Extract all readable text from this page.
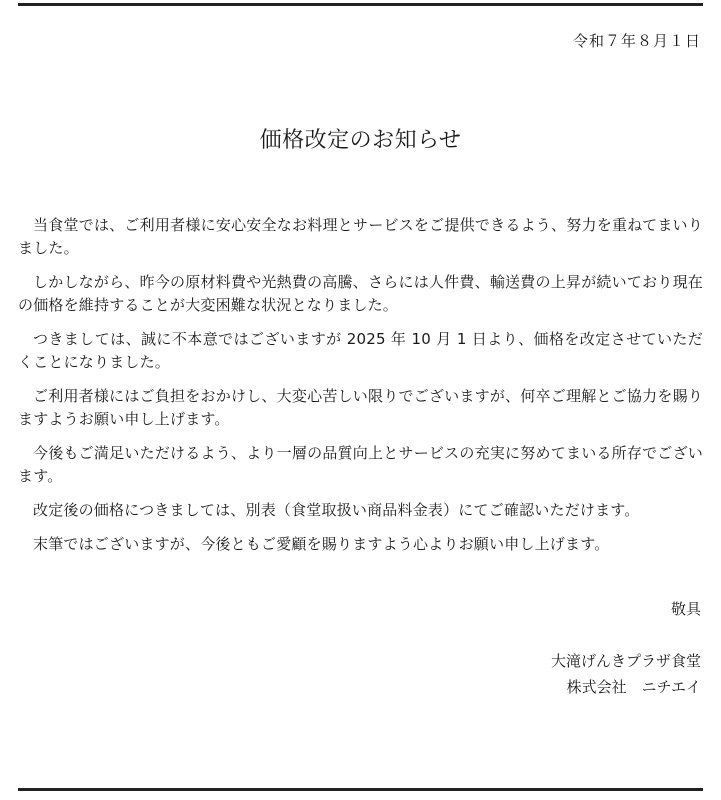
令和７年８月１日
価格改定のお知らせ

当食堂では、ご利用者様に安心安全なお料理とサービスをご提供できるよう、努力を重ねてまいりました。

しかしながら、昨今の原材料費や光熱費の高騰、さらには人件費、輸送費の上昇が続いており現在の価格を維持することが大変困難な状況となりました。

つきましては、誠に不本意ではございますが 2025 年 10 月 1 日より、価格を改定させていただくことになりました。

ご利用者様にはご負担をおかけし、大変心苦しい限りでございますが、何卒ご理解とご協力を賜りますようお願い申し上げます。

今後もご満足いただけるよう、より一層の品質向上とサービスの充実に努めてまいる所存でございます。

改定後の価格につきましては、別表（食堂取扱い商品料金表）にてご確認いただけます。

末筆ではございますが、今後ともご愛顧を賜りますよう心よりお願い申し上げます。

敬具
大滝げんきプラザ食堂
株式会社　ニチエイ
